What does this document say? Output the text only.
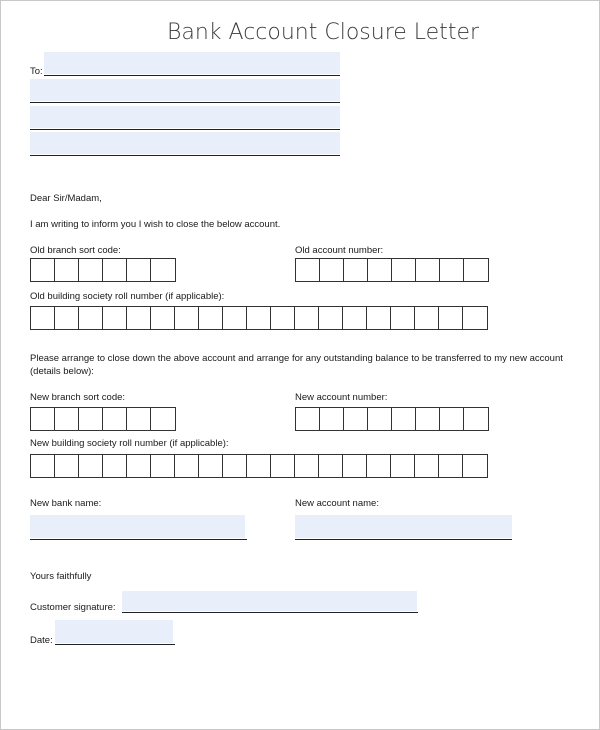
Bank Account Closure Letter
To:
Dear Sir/Madam,
I am writing to inform you I wish to close the below account.
Old branch sort code:	Old account number:
Old building society roll number (if applicable):
Please arrange to close down the above account and arrange for any outstanding balance to be transferred to my new account (details below):
New branch sort code:	New account number:
New building society roll number (if applicable):
New bank name:	New account name:
Yours faithfully
Customer signature:
Date:
